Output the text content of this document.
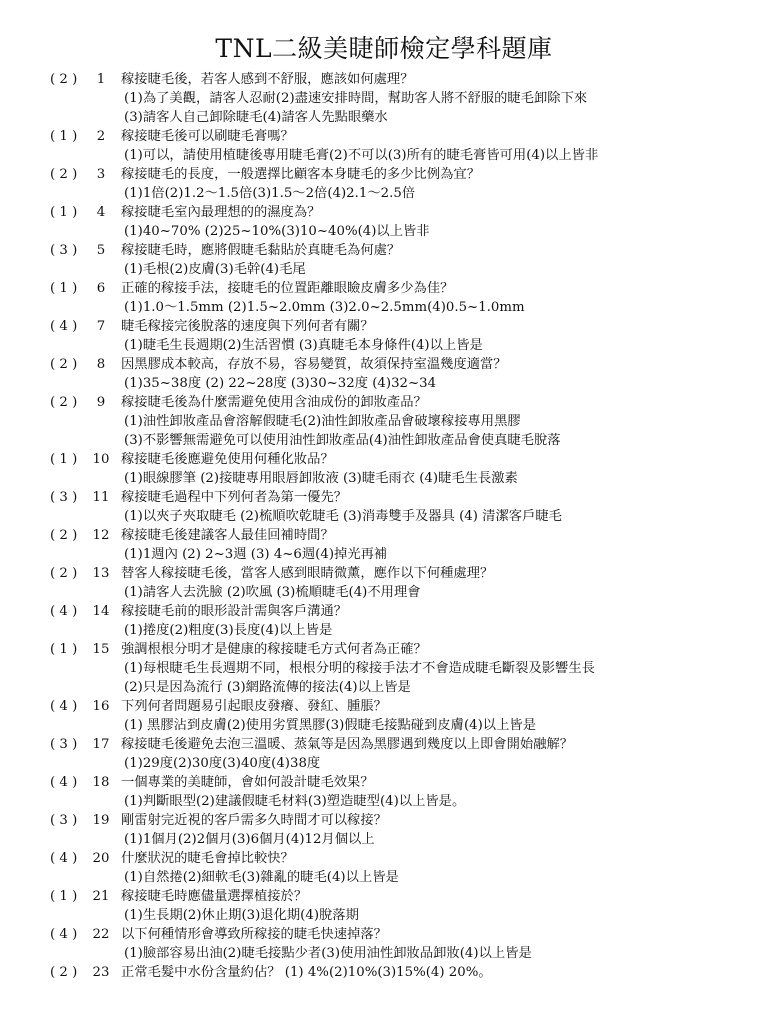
TNL二級美睫師檢定學科題庫
( 2 )	1	稼接睫毛後，若客人感到不舒服，應該如何處理？
(1)為了美觀，請客人忍耐(2)盡速安排時間，幫助客人將不舒服的睫毛卸除下來
(3)請客人自己卸除睫毛(4)請客人先點眼藥水
( 1 )	2	稼接睫毛後可以刷睫毛膏嗎？
(1)可以，請使用植睫後專用睫毛膏(2)不可以(3)所有的睫毛膏皆可用(4)以上皆非
( 2 )	3	稼接睫毛的長度，一般選擇比顧客本身睫毛的多少比例為宜？
(1)1倍(2)1.2～1.5倍(3)1.5～2倍(4)2.1～2.5倍
( 1 )	4	稼接睫毛室內最理想的的濕度為？
(1)40~70% (2)25~10%(3)10~40%(4)以上皆非
( 3 )	5	稼接睫毛時，應將假睫毛黏貼於真睫毛為何處？
(1)毛根(2)皮膚(3)毛幹(4)毛尾
( 1 )	6	正確的稼接手法，接睫毛的位置距離眼瞼皮膚多少為佳？
(1)1.0～1.5mm (2)1.5~2.0mm (3)2.0~2.5mm(4)0.5~1.0mm
( 4 )	7	睫毛稼接完後脫落的速度與下列何者有關？
(1)睫毛生長週期(2)生活習慣 (3)真睫毛本身條件(4)以上皆是
( 2 )	8	因黑膠成本較高，存放不易，容易變質，故須保持室溫幾度適當？
(1)35~38度 (2) 22~28度 (3)30~32度 (4)32~34
( 2 )	9	稼接睫毛後為什麼需避免使用含油成份的卸妝產品？
(1)油性卸妝產品會溶解假睫毛(2)油性卸妝產品會破壞稼接專用黑膠
(3)不影響無需避免可以使用油性卸妝產品(4)油性卸妝產品會使真睫毛脫落
( 1 )	10 稼接睫毛後應避免使用何種化妝品？
(1)眼線膠筆 (2)接睫專用眼唇卸妝液 (3)睫毛雨衣 (4)睫毛生長激素
( 3 )	11 稼接睫毛過程中下列何者為第一優先？
(1)以夾子夾取睫毛 (2)梳順吹乾睫毛 (3)消毒雙手及器具 (4) 清潔客戶睫毛
( 2 )	12 稼接睫毛後建議客人最佳回補時間？
(1)1週內 (2) 2~3週 (3) 4~6週(4)掉光再補
( 2 )	13 替客人稼接睫毛後，當客人感到眼睛微薰，應作以下何種處理？
(1)請客人去洗臉 (2)吹風 (3)梳順睫毛(4)不用理會
( 4 )	14 稼接睫毛前的眼形設計需與客戶溝通？
(1)捲度(2)粗度(3)長度(4)以上皆是
( 1 )	15 強調根根分明才是健康的稼接睫毛方式何者為正確？
(1)每根睫毛生長週期不同，根根分明的稼接手法才不會造成睫毛斷裂及影響生長
(2)只是因為流行 (3)網路流傳的接法(4)以上皆是
( 4 )	16 下列何者問題易引起眼皮發癢、發紅、腫脹？
(1) 黑膠沾到皮膚(2)使用劣質黑膠(3)假睫毛接點碰到皮膚(4)以上皆是
( 3 )	17 稼接睫毛後避免去泡三溫暖、蒸氣等是因為黑膠遇到幾度以上即會開始融解？
(1)29度(2)30度(3)40度(4)38度
( 4 )	18 一個專業的美睫師，會如何設計睫毛效果？
(1)判斷眼型(2)建議假睫毛材料(3)塑造睫型(4)以上皆是。
( 3 )	19 剛雷射完近視的客戶需多久時間才可以稼接？
(1)1個月(2)2個月(3)6個月(4)12月個以上
( 4 )	20 什麼狀況的睫毛會掉比較快？
(1)自然捲(2)細軟毛(3)雜亂的睫毛(4)以上皆是
( 1 )	21 稼接睫毛時應儘量選擇植接於？
(1)生長期(2)休止期(3)退化期(4)脫落期
( 4 )	22 以下何種情形會導致所稼接的睫毛快速掉落？
(1)臉部容易出油(2)睫毛接點少者(3)使用油性卸妝品卸妝(4)以上皆是
( 2 )	23 正常毛髮中水份含量約佔？ (1) 4%(2)10%(3)15%(4) 20%。
